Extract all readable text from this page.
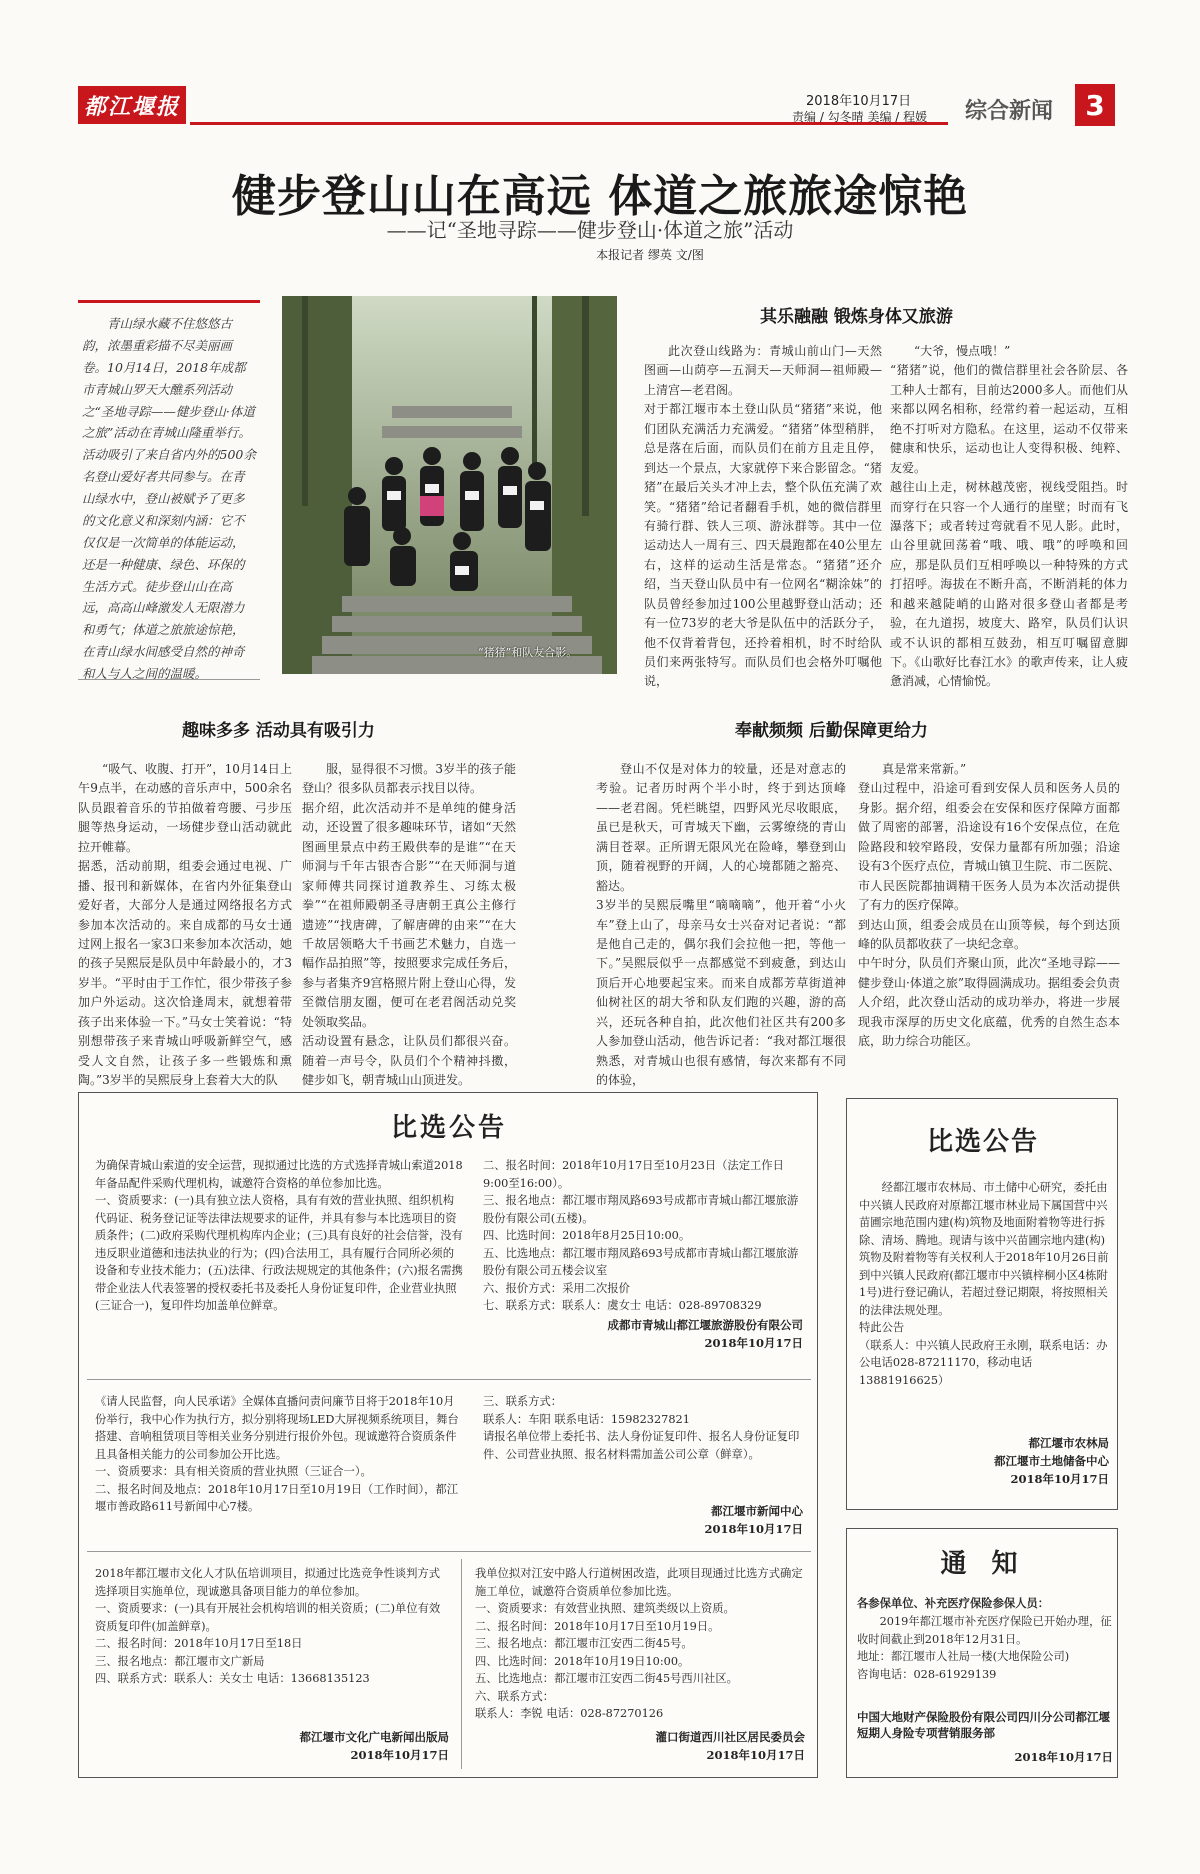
都江堰报	2018年10月17日
责编 / 勾冬晴 美编 / 程媛 综合新闻	3
健步登山山在高远 体道之旅旅途惊艳
——记“圣地寻踪——健步登山·体道之旅”活动
本报记者 缪英 文/图
青山绿水藏不住悠悠古韵，浓墨重彩描不尽美丽画卷。10月14日，2018年成都市青城山罗天大醮系列活动之“圣地寻踪——健步登山·体道之旅”活动在青城山隆重举行。活动吸引了来自省内外的500余名登山爱好者共同参与。在青山绿水中，登山被赋予了更多的文化意义和深刻内涵：它不仅仅是一次简单的体能运动，还是一种健康、绿色、环保的生活方式。徒步登山山在高远，高高山峰激发人无限潜力和勇气；体道之旅旅途惊艳，在青山绿水间感受自然的神奇和人与人之间的温暖。
“猪猪”和队友合影。
其乐融融 锻炼身体又旅游
此次登山线路为：青城山前山门—天然图画—山荫亭—五洞天—天师洞—祖师殿—上清宫—老君阁。
对于都江堰市本土登山队员“猪猪”来说，他们团队充满活力充满爱。“猪猪”体型稍胖，总是落在后面，而队员们在前方且走且停，到达一个景点，大家就停下来合影留念。“猪猪”在最后关头才冲上去，整个队伍充满了欢笑。“猪猪”给记者翻看手机，她的微信群里有骑行群、铁人三项、游泳群等。其中一位运动达人一周有三、四天晨跑都在40公里左右，这样的运动生活是常态。“猪猪”还介绍，当天登山队员中有一位网名“糊涂妹”的队员曾经参加过100公里越野登山活动；还有一位73岁的老大爷是队伍中的活跃分子，他不仅背着背包，还拎着相机，时不时给队员们来两张特写。而队员们也会格外叮嘱他说，
“大爷，慢点哦！”
“猪猪”说，他们的微信群里社会各阶层、各工种人士都有，目前达2000多人。而他们从来都以网名相称，经常约着一起运动，互相绝不打听对方隐私。在这里，运动不仅带来健康和快乐，运动也让人变得积极、纯粹、友爱。
越往山上走，树林越茂密，视线受阻挡。时而穿行在只容一个人通行的崖壁；时而有飞瀑落下；或者转过弯就看不见人影。此时，山谷里就回荡着“哦、哦、哦”的呼唤和回应，那是队员们互相呼唤以一种特殊的方式打招呼。海拔在不断升高，不断消耗的体力和越来越陡峭的山路对很多登山者都是考验，在九道拐，坡度大、路窄，队员们认识或不认识的都相互鼓劲，相互叮嘱留意脚下。《山歌好比春江水》的歌声传来，让人疲惫消减，心情愉悦。
趣味多多 活动具有吸引力
“吸气、收腹、打开”，10月14日上午9点半，在动感的音乐声中，500余名队员跟着音乐的节拍做着弯腰、弓步压腿等热身运动，一场健步登山活动就此拉开帷幕。
据悉，活动前期，组委会通过电视、广播、报刊和新媒体，在省内外征集登山爱好者，大部分人是通过网络报名方式参加本次活动的。来自成都的马女士通过网上报名一家3口来参加本次活动，她的孩子吴熙辰是队员中年龄最小的，才3岁半。“平时由于工作忙，很少带孩子参加户外运动。这次恰逢周末，就想着带孩子出来体验一下。”马女士笑着说：“特别想带孩子来青城山呼吸新鲜空气，感受人文自然，让孩子多一些锻炼和熏陶。”3岁半的吴熙辰身上套着大大的队
服，显得很不习惯。3岁半的孩子能登山？很多队员都表示找目以待。
据介绍，此次活动并不是单纯的健身活动，还设置了很多趣味环节，诸如“天然图画里景点中药王殿供奉的是谁”“在天师洞与千年古银杏合影”“在天师洞与道家师傅共同探讨道教养生、习练太极拳”“在祖师殿朝圣寻唐朝王真公主修行遗迹”“找唐碑，了解唐碑的由来”“在大千故居领略大千书画艺术魅力，自选一幅作品拍照”等，按照要求完成任务后，参与者集齐9宫格照片附上登山心得，发至微信朋友圈，便可在老君阁活动兑奖处领取奖品。
活动设置有悬念，让队员们都很兴奋。随着一声号令，队员们个个精神抖擞，健步如飞，朝青城山山顶进发。
奉献频频 后勤保障更给力
登山不仅是对体力的较量，还是对意志的考验。记者历时两个半小时，终于到达顶峰——老君阁。凭栏眺望，四野风光尽收眼底，虽已是秋天，可青城天下幽，云雾缭绕的青山满目苍翠。正所谓无限风光在险峰，攀登到山顶，随着视野的开阔，人的心境都随之豁亮、豁达。
3岁半的吴熙辰嘴里“嘀嘀嘀”，他开着“小火车”登上山了，母亲马女士兴奋对记者说：“都是他自己走的，偶尔我们会拉他一把，等他一下。”吴熙辰似乎一点都感觉不到疲惫，到达山顶后开心地要起宝来。而来自成都芳草街道神仙树社区的胡大爷和队友们跑的兴趣，游的高兴，还玩各种自拍，此次他们社区共有200多人参加登山活动，他告诉记者：“我对都江堰很熟悉，对青城山也很有感情，每次来都有不同的体验，
真是常来常新。”
登山过程中，沿途可看到安保人员和医务人员的身影。据介绍，组委会在安保和医疗保障方面都做了周密的部署，沿途设有16个安保点位，在危险路段和较窄路段，安保力量都有所加强；沿途设有3个医疗点位，青城山镇卫生院、市二医院、市人民医院都抽调精干医务人员为本次活动提供了有力的医疗保障。
到达山顶，组委会成员在山顶等候，每个到达顶峰的队员都收获了一块纪念章。
中午时分，队员们齐聚山顶，此次“圣地寻踪——健步登山·体道之旅”取得圆满成功。据组委会负责人介绍，此次登山活动的成功举办，将进一步展现我市深厚的历史文化底蕴，优秀的自然生态本底，助力综合功能区。
比选公告
为确保青城山索道的安全运营，现拟通过比选的方式选择青城山索道2018年备品配件采购代理机构，诚邀符合资格的单位参加比选。
一、资质要求：(一)具有独立法人资格，具有有效的营业执照、组织机构代码证、税务登记证等法律法规要求的证件，并具有参与本比选项目的资质条件；(二)政府采购代理机构库内企业；(三)具有良好的社会信誉，没有违反职业道德和违法执业的行为；(四)合法用工，具有履行合同所必须的设备和专业技术能力；(五)法律、行政法规规定的其他条件；(六)报名需携带企业法人代表签署的授权委托书及委托人身份证复印件，企业营业执照(三证合一)，复印件均加盖单位鲜章。
二、报名时间：2018年10月17日至10月23日（法定工作日9:00至16:00）。
三、报名地点：都江堰市翔凤路693号成都市青城山都江堰旅游股份有限公司(五楼)。
四、比选时间：2018年8月25日10:00。
五、比选地点：都江堰市翔凤路693号成都市青城山都江堰旅游股份有限公司五楼会议室
六、报价方式：采用二次报价
七、联系方式：联系人：虞女士 电话：028-89708329
成都市青城山都江堰旅游股份有限公司
2018年10月17日
《请人民监督，向人民承诺》全媒体直播问责问廉节目将于2018年10月份举行，我中心作为执行方，拟分别将现场LED大屏视频系统项目，舞台搭建、音响租赁项目等相关业务分别进行报价外包。现诚邀符合资质条件且具备相关能力的公司参加公开比选。
一、资质要求：具有相关资质的营业执照（三证合一）。
二、报名时间及地点：2018年10月17日至10月19日（工作时间），都江堰市善政路611号新闻中心7楼。
三、联系方式：
联系人：车阳 联系电话：15982327821
请报名单位带上委托书、法人身份证复印件、报名人身份证复印件、公司营业执照、报名材料需加盖公司公章（鲜章）。
都江堰市新闻中心
2018年10月17日
2018年都江堰市文化人才队伍培训项目，拟通过比选竞争性谈判方式选择项目实施单位，现诚邀具备项目能力的单位参加。
一、资质要求：(一)具有开展社会机构培训的相关资质；(二)单位有效资质复印件(加盖鲜章)。
二、报名时间：2018年10月17日至18日
三、报名地点：都江堰市文广新局
四、联系方式：联系人：关女士 电话：13668135123
都江堰市文化广电新闻出版局
2018年10月17日
我单位拟对江安中路人行道树困改造，此项目现通过比选方式确定施工单位，诚邀符合资质单位参加比选。
一、资质要求：有效营业执照、建筑类级以上资质。
二、报名时间：2018年10月17日至10月19日。
三、报名地点：都江堰市江安西二街45号。
四、比选时间：2018年10月19日10:00。
五、比选地点：都江堰市江安西二街45号西川社区。
六、联系方式：
联系人：李锐 电话：028-87270126
灌口街道西川社区居民委员会
2018年10月17日
比选公告
经都江堰市农林局、市土储中心研究，委托由中兴镇人民政府对原都江堰市林业局下属国营中兴苗圃宗地范围内建(构)筑物及地面附着物等进行拆除、清场、腾地。现请与该中兴苗圃宗地内建(构)筑物及附着物等有关权利人于2018年10月26日前到中兴镇人民政府(都江堰市中兴镇梓桐小区4栋附1号)进行登记确认，若超过登记期限，将按照相关的法律法规处理。
特此公告
（联系人：中兴镇人民政府王永刚，联系电话：办公电话028-87211170，移动电话13881916625）
都江堰市农林局
都江堰市土地储备中心
2018年10月17日
通 知
各参保单位、补充医疗保险参保人员：
2019年都江堰市补充医疗保险已开始办理，征收时间截止到2018年12月31日。
地址：都江堰市人社局一楼(大地保险公司)
咨询电话：028-61929139
中国大地财产保险股份有限公司四川分公司都江堰短期人身险专项营销服务部
2018年10月17日
